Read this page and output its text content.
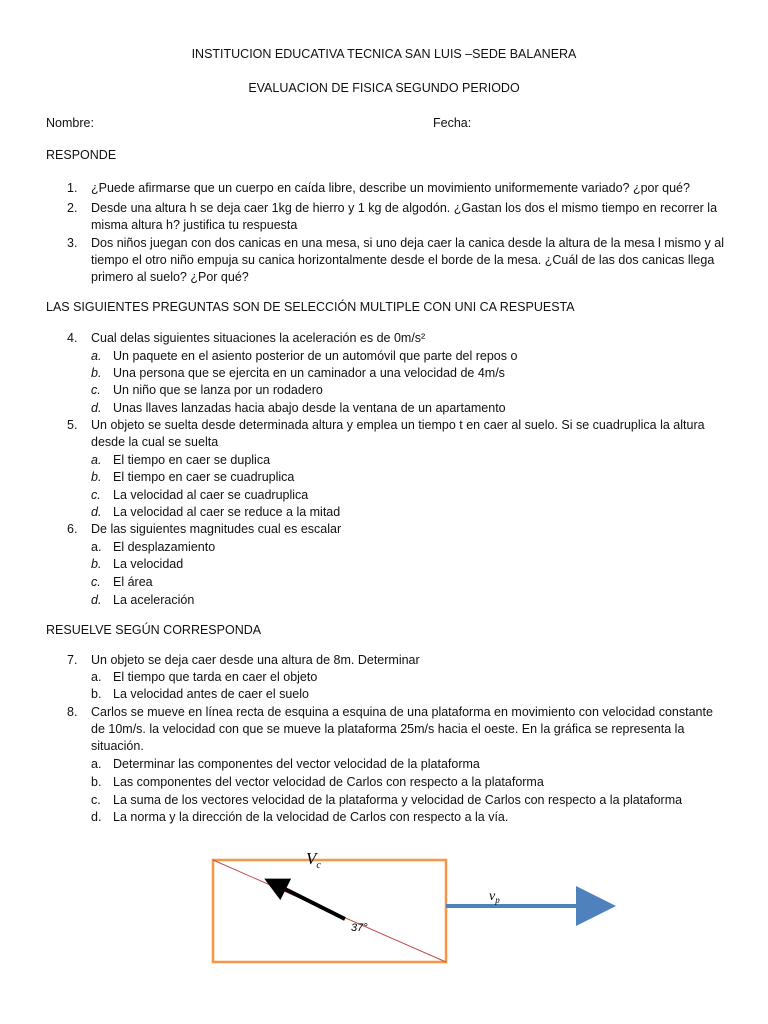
INSTITUCION EDUCATIVA TECNICA SAN LUIS –SEDE BALANERA
EVALUACION DE FISICA SEGUNDO PERIODO
Nombre:	Fecha:
RESPONDE
1.	¿Puede afirmarse que un cuerpo en caída libre, describe un movimiento uniformemente variado? ¿por qué?
2.	Desde una altura h se deja caer 1kg de hierro y 1 kg de algodón. ¿Gastan los dos el mismo tiempo en recorrer la
misma altura h? justifica tu respuesta
3.	Dos niños juegan con dos canicas en una mesa, si uno deja caer la canica desde la altura de la mesa l mismo y al
tiempo el otro niño empuja su canica horizontalmente desde el borde de la mesa. ¿Cuál de las dos canicas llega
primero al suelo? ¿Por qué?
LAS SIGUIENTES PREGUNTAS SON DE SELECCIÓN MULTIPLE CON UNI CA RESPUESTA
4.	Cual delas siguientes situaciones la aceleración es de 0m/s²
a. Un paquete en el asiento posterior de un automóvil que parte del repos o
b. Una persona que se ejercita en un caminador a una velocidad de 4m/s
c. Un niño que se lanza por un rodadero
d. Unas llaves lanzadas hacia abajo desde la ventana de un apartamento
5.	Un objeto se suelta desde determinada altura y emplea un tiempo t en caer al suelo. Si se cuadruplica la altura
desde la cual se suelta
a. El tiempo en caer se duplica
b. El tiempo en caer se cuadruplica
c. La velocidad al caer se cuadruplica
d. La velocidad al caer se reduce a la mitad
6.	De las siguientes magnitudes cual es escalar
a. El desplazamiento
b. La velocidad
c. El área
d. La aceleración
RESUELVE SEGÚN CORRESPONDA
7.	Un objeto se deja caer desde una altura de 8m. Determinar
a. El tiempo que tarda en caer el objeto
b. La velocidad antes de caer el suelo
8.	Carlos se mueve en línea recta de esquina a esquina de una plataforma en movimiento con velocidad constante
de 10m/s. la velocidad con que se mueve la plataforma 25m/s hacia el oeste. En la gráfica se representa la
situación.
a. Determinar las componentes del vector velocidad de la plataforma
b. Las componentes del vector velocidad de Carlos con respecto a la plataforma
c. La suma de los vectores velocidad de la plataforma y velocidad de Carlos con respecto a la plataforma
d. La norma y la dirección de la velocidad de Carlos con respecto a la vía.
$V_c$
$v_p$
37°
